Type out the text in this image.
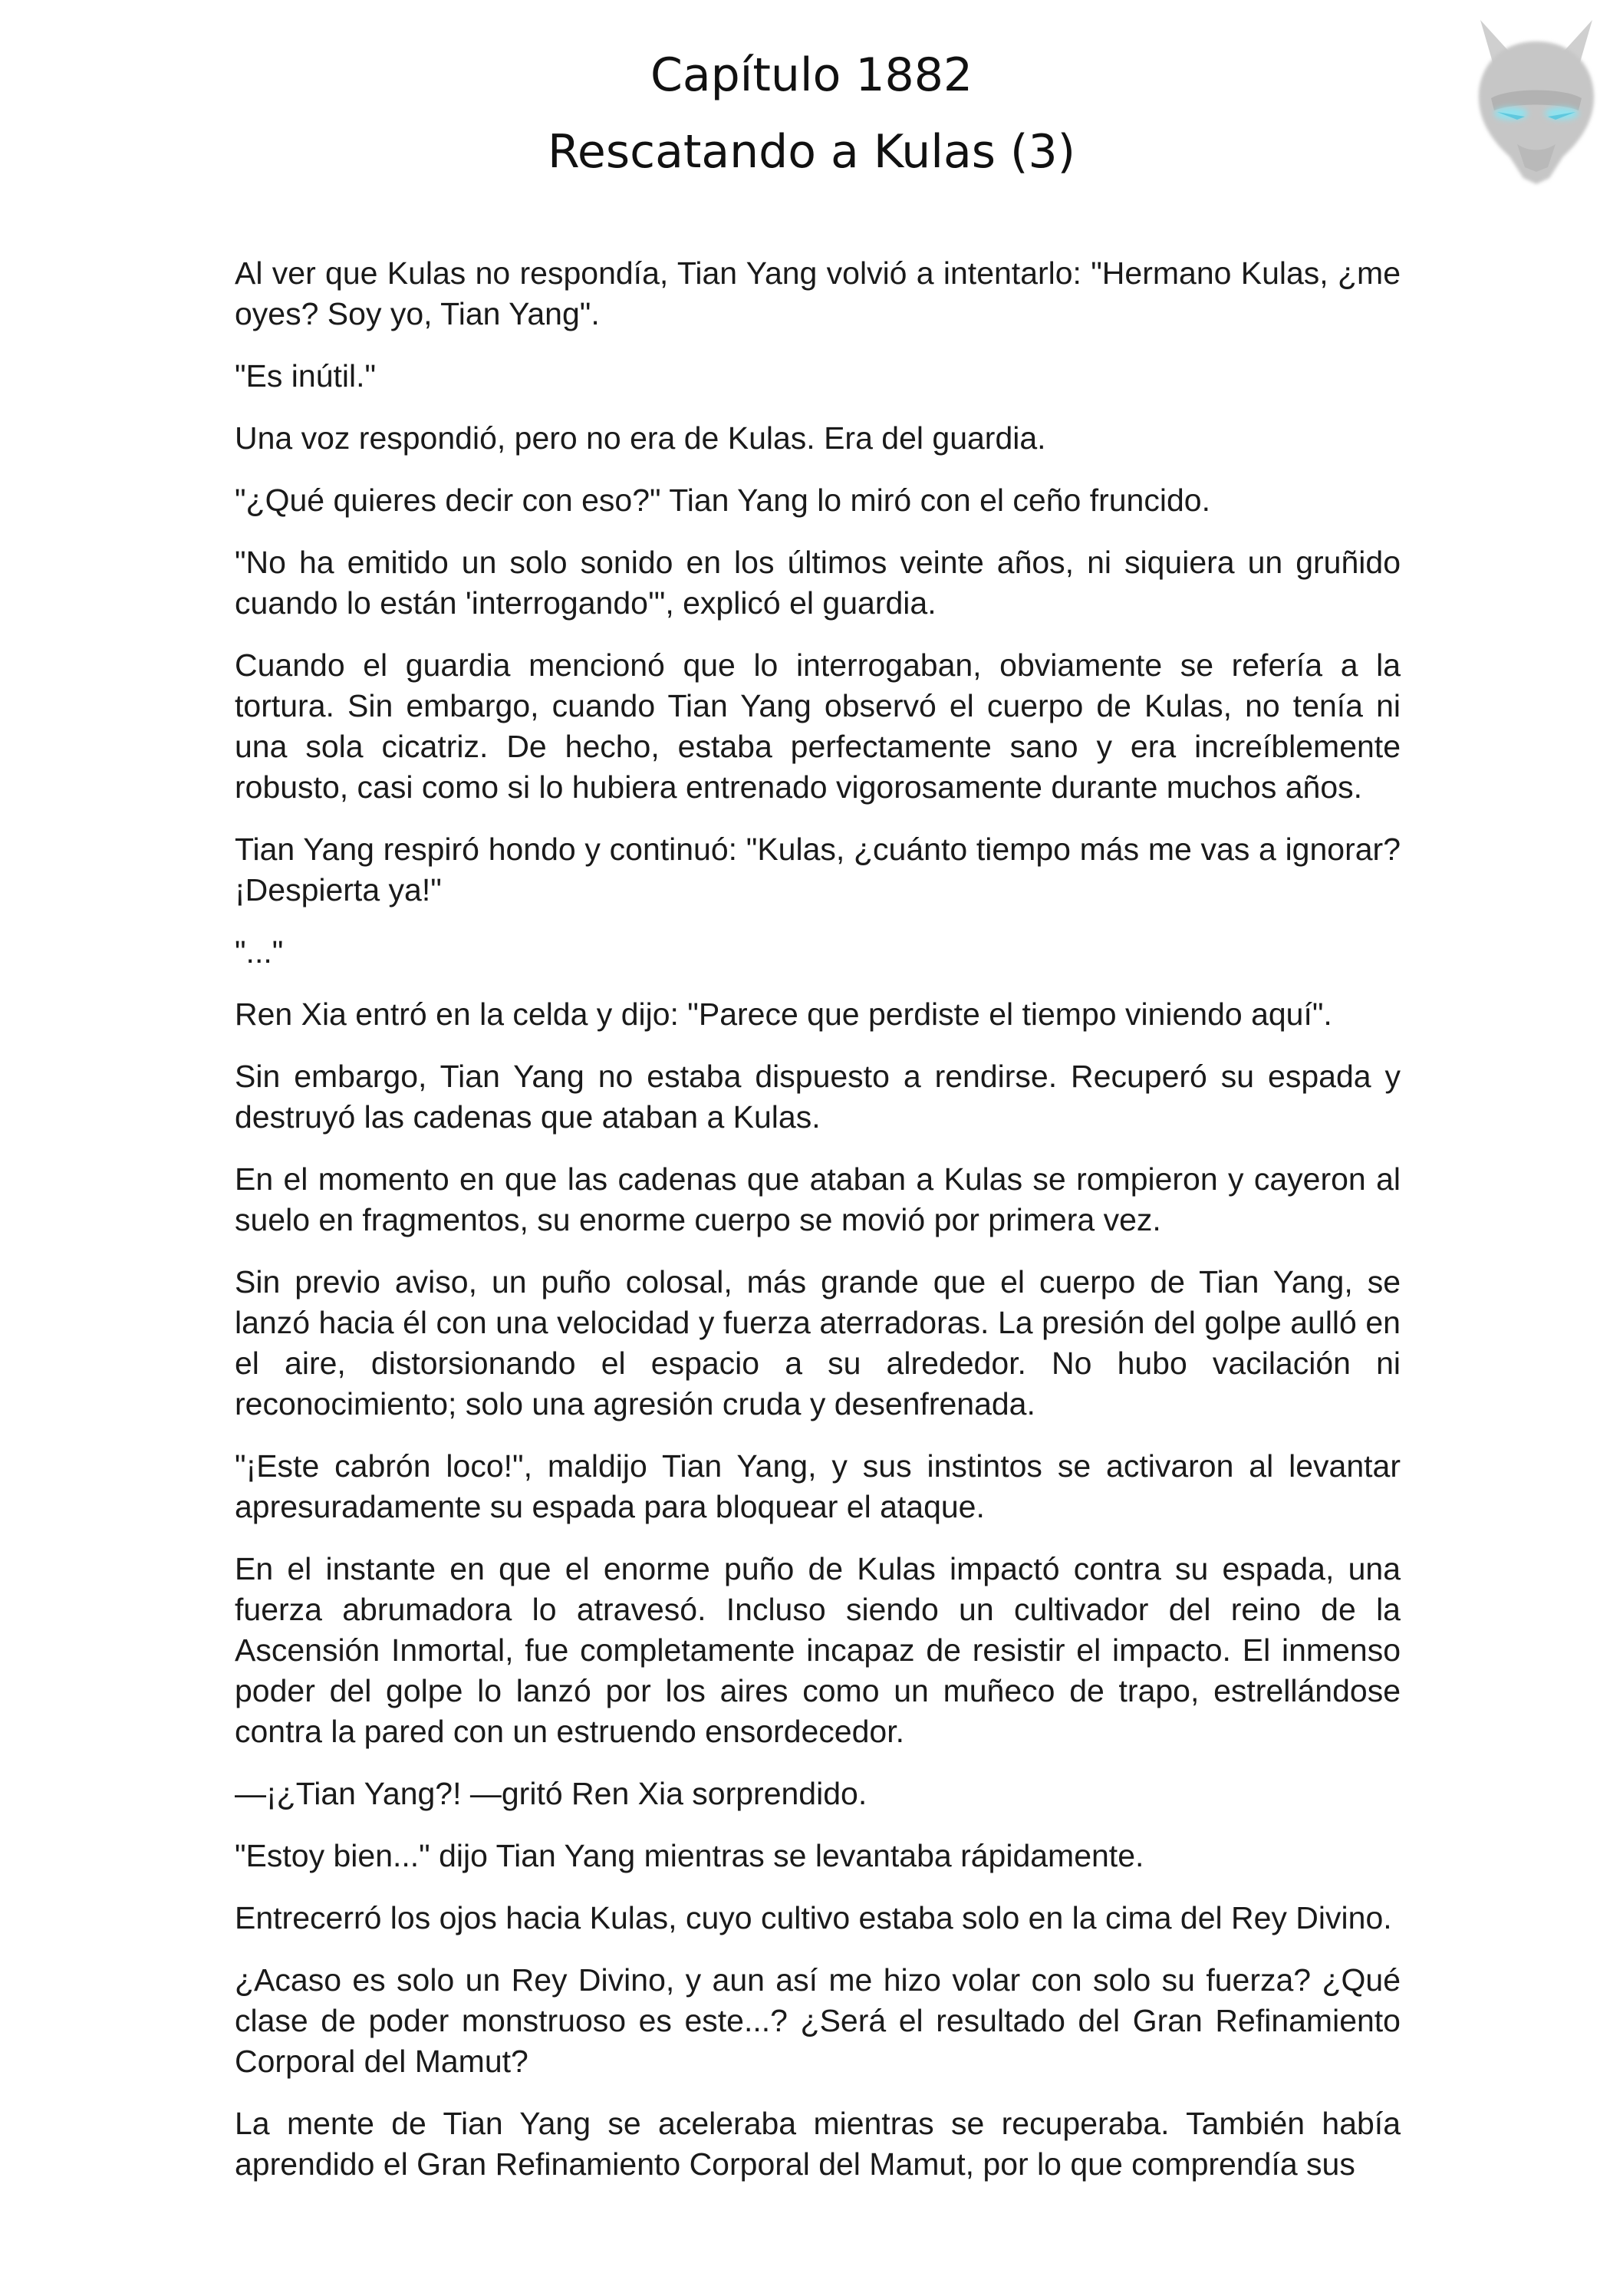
Capítulo 1882
Rescatando a Kulas (3)

Al ver que Kulas no respondía, Tian Yang volvió a intentarlo: "Hermano Kulas, ¿me oyes? Soy yo, Tian Yang".

"Es inútil."

Una voz respondió, pero no era de Kulas. Era del guardia.

"¿Qué quieres decir con eso?" Tian Yang lo miró con el ceño fruncido.

"No ha emitido un solo sonido en los últimos veinte años, ni siquiera un gruñido cuando lo están 'interrogando'", explicó el guardia.

Cuando el guardia mencionó que lo interrogaban, obviamente se refería a la tortura. Sin embargo, cuando Tian Yang observó el cuerpo de Kulas, no tenía ni una sola cicatriz. De hecho, estaba perfectamente sano y era increíblemente robusto, casi como si lo hubiera entrenado vigorosamente durante muchos años.

Tian Yang respiró hondo y continuó: "Kulas, ¿cuánto tiempo más me vas a ignorar? ¡Despierta ya!"

"..."

Ren Xia entró en la celda y dijo: "Parece que perdiste el tiempo viniendo aquí".

Sin embargo, Tian Yang no estaba dispuesto a rendirse. Recuperó su espada y destruyó las cadenas que ataban a Kulas.

En el momento en que las cadenas que ataban a Kulas se rompieron y cayeron al suelo en fragmentos, su enorme cuerpo se movió por primera vez.

Sin previo aviso, un puño colosal, más grande que el cuerpo de Tian Yang, se lanzó hacia él con una velocidad y fuerza aterradoras. La presión del golpe aulló en el aire, distorsionando el espacio a su alrededor. No hubo vacilación ni reconocimiento; solo una agresión cruda y desenfrenada.

"¡Este cabrón loco!", maldijo Tian Yang, y sus instintos se activaron al levantar apresuradamente su espada para bloquear el ataque.

En el instante en que el enorme puño de Kulas impactó contra su espada, una fuerza abrumadora lo atravesó. Incluso siendo un cultivador del reino de la Ascensión Inmortal, fue completamente incapaz de resistir el impacto. El inmenso poder del golpe lo lanzó por los aires como un muñeco de trapo, estrellándose contra la pared con un estruendo ensordecedor.

—¡¿Tian Yang?! —gritó Ren Xia sorprendido.

"Estoy bien..." dijo Tian Yang mientras se levantaba rápidamente.

Entrecerró los ojos hacia Kulas, cuyo cultivo estaba solo en la cima del Rey Divino.

¿Acaso es solo un Rey Divino, y aun así me hizo volar con solo su fuerza? ¿Qué clase de poder monstruoso es este...? ¿Será el resultado del Gran Refinamiento Corporal del Mamut?

La mente de Tian Yang se aceleraba mientras se recuperaba. También había aprendido el Gran Refinamiento Corporal del Mamut, por lo que comprendía sus
